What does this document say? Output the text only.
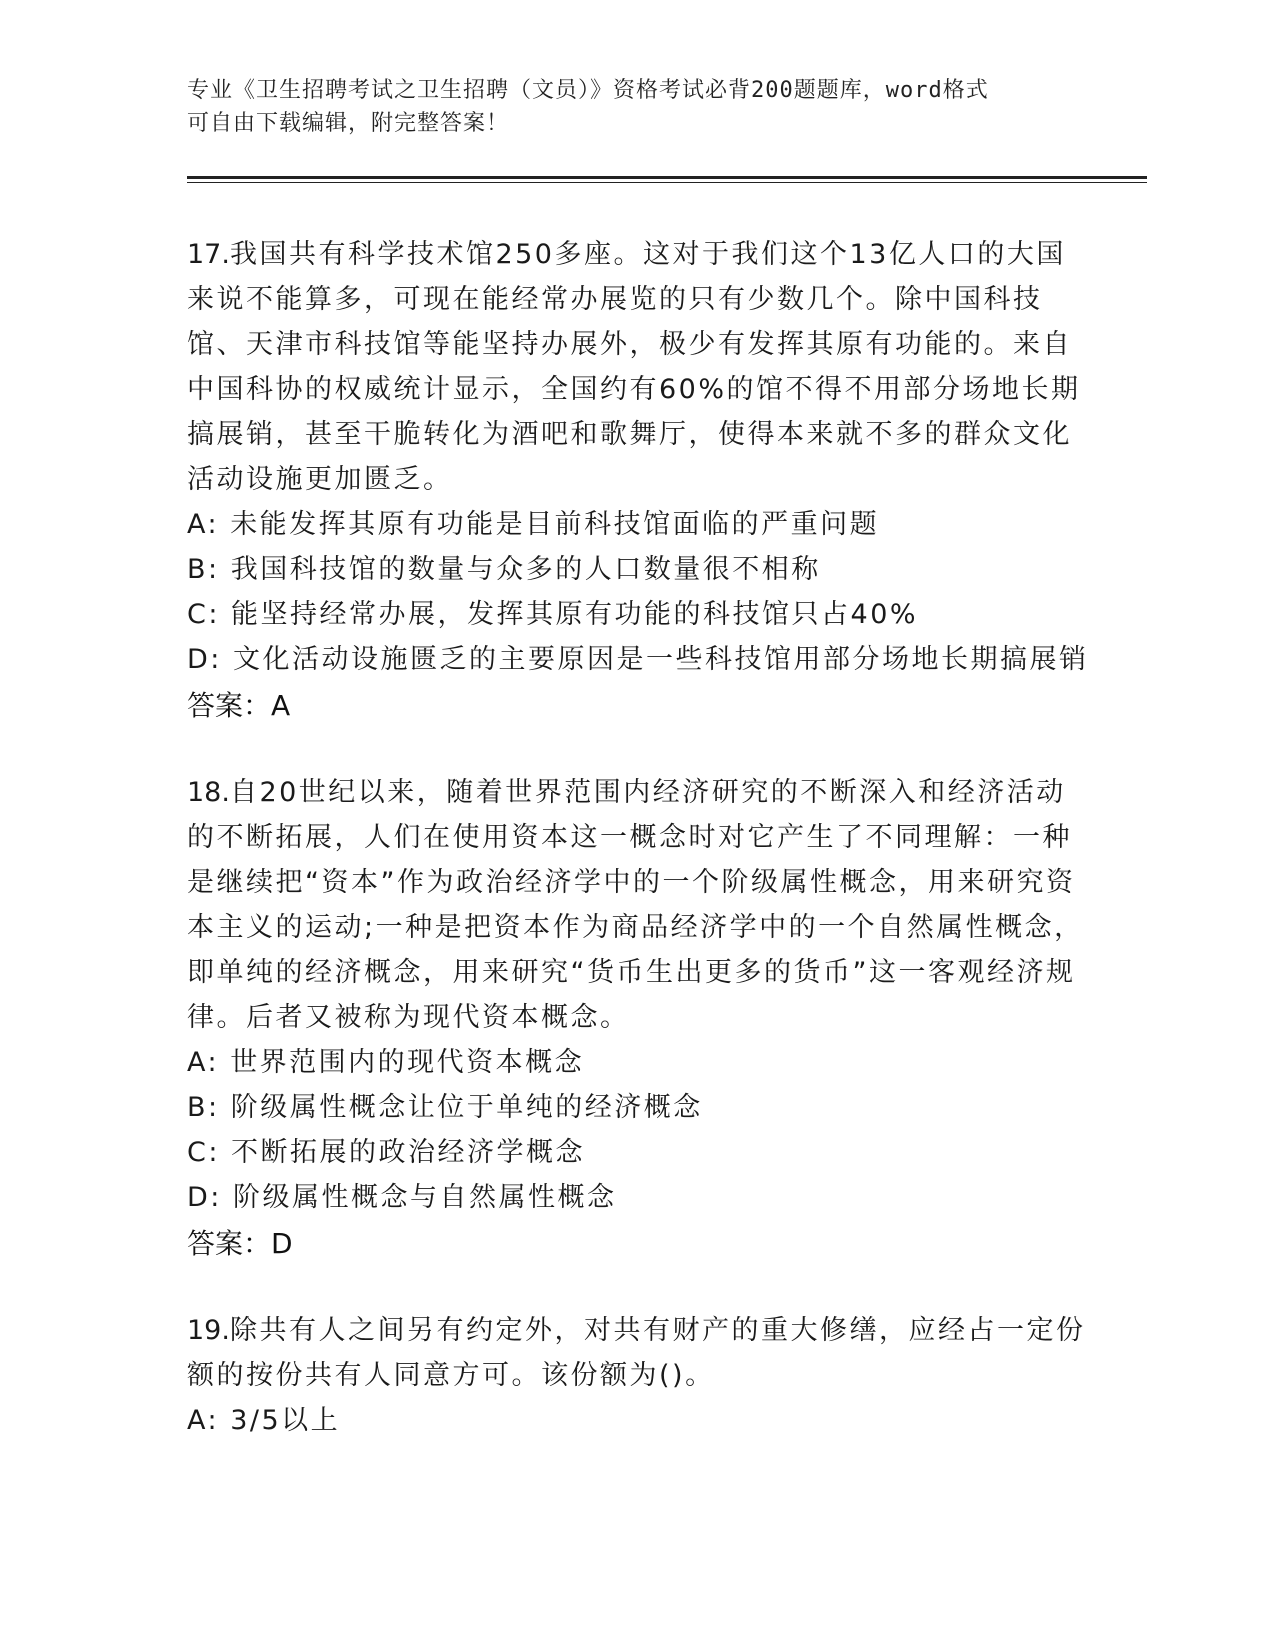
专业《卫生招聘考试之卫生招聘（文员）》资格考试必背200题题库，word格式
可自由下载编辑，附完整答案！

17.我国共有科学技术馆250多座。这对于我们这个13亿人口的大国来说不能算多，可现在能经常办展览的只有少数几个。除中国科技馆、天津市科技馆等能坚持办展外，极少有发挥其原有功能的。来自中国科协的权威统计显示，全国约有60%的馆不得不用部分场地长期搞展销，甚至干脆转化为酒吧和歌舞厅，使得本来就不多的群众文化活动设施更加匮乏。

A: 未能发挥其原有功能是目前科技馆面临的严重问题

B: 我国科技馆的数量与众多的人口数量很不相称

C: 能坚持经常办展，发挥其原有功能的科技馆只占40%

D: 文化活动设施匮乏的主要原因是一些科技馆用部分场地长期搞展销

答案：A

18.自20世纪以来，随着世界范围内经济研究的不断深入和经济活动的不断拓展，人们在使用资本这一概念时对它产生了不同理解：一种是继续把“资本”作为政治经济学中的一个阶级属性概念，用来研究资本主义的运动;一种是把资本作为商品经济学中的一个自然属性概念，即单纯的经济概念，用来研究“货币生出更多的货币”这一客观经济规律。后者又被称为现代资本概念。

A: 世界范围内的现代资本概念

B: 阶级属性概念让位于单纯的经济概念

C: 不断拓展的政治经济学概念

D: 阶级属性概念与自然属性概念

答案：D

19.除共有人之间另有约定外，对共有财产的重大修缮，应经占一定份额的按份共有人同意方可。该份额为()。

A: 3/5以上
